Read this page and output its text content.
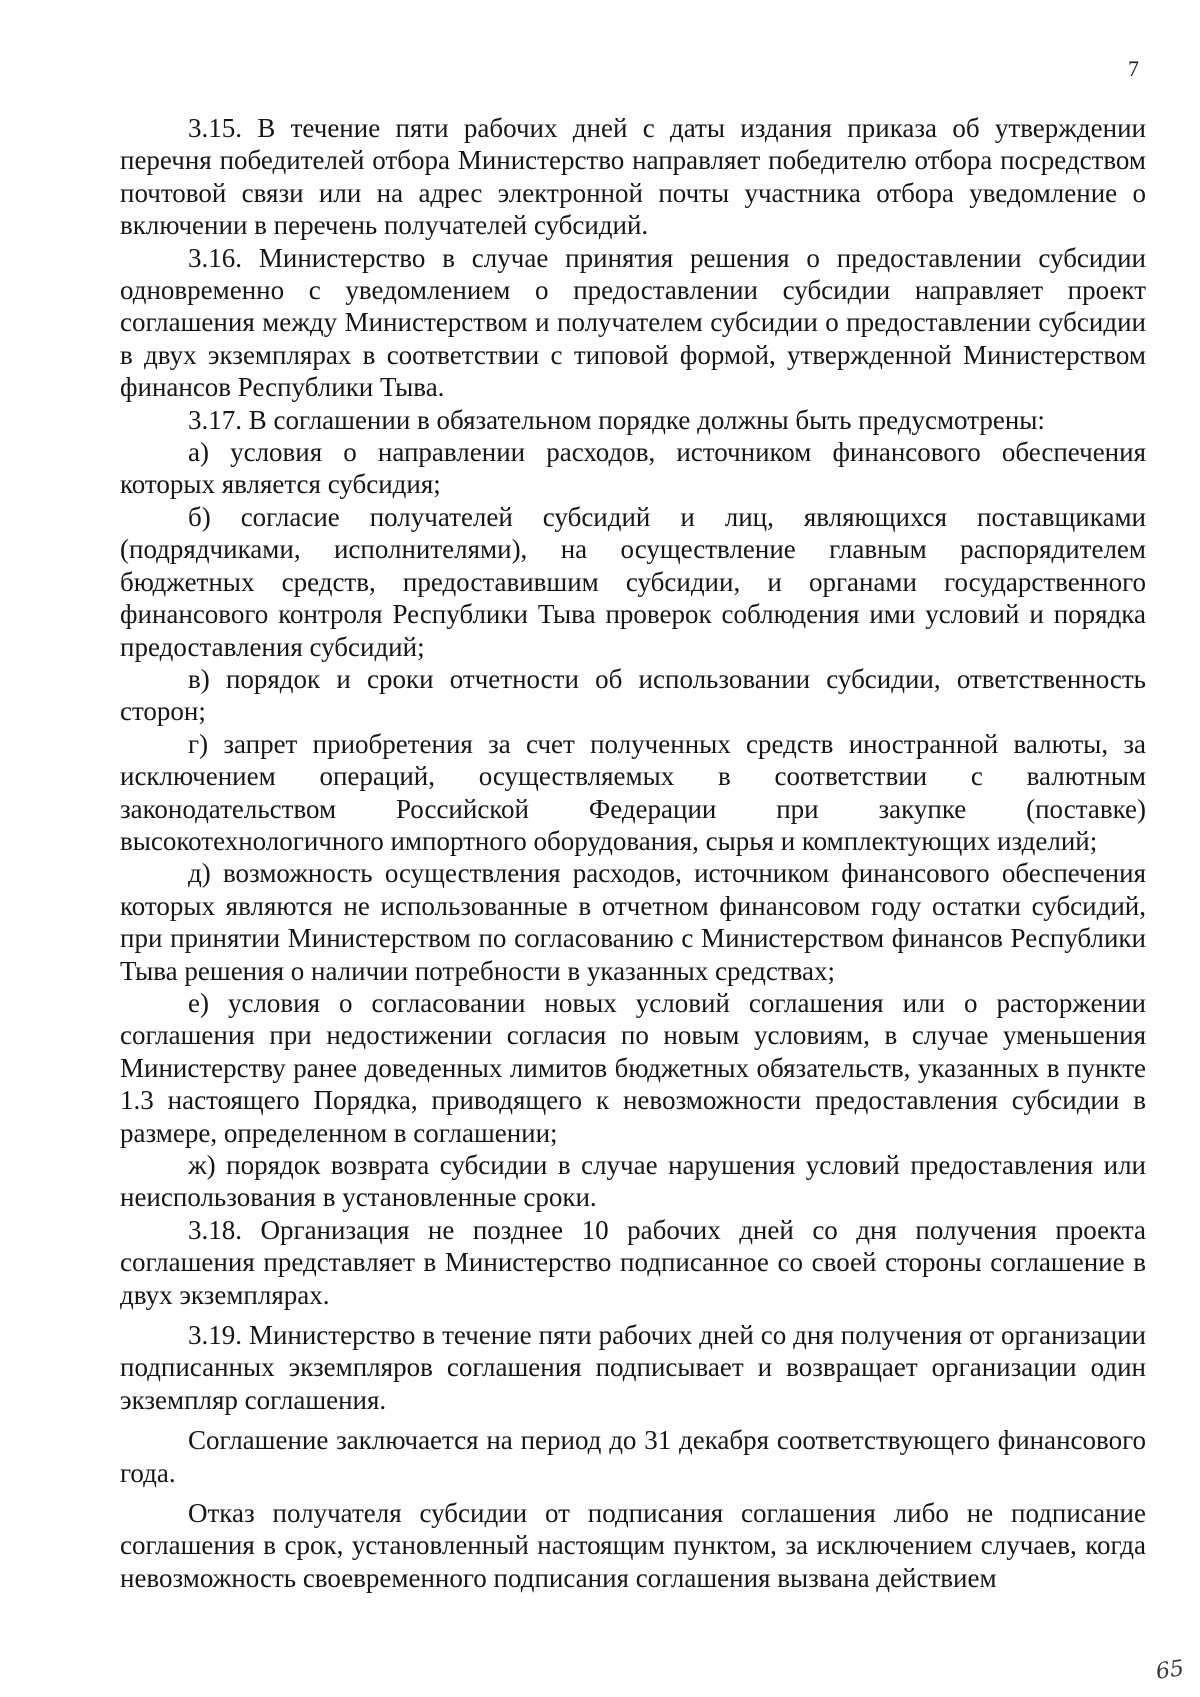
7

3.15. В течение пяти рабочих дней с даты издания приказа об утверждении перечня победителей отбора Министерство направляет победителю отбора посредством почтовой связи или на адрес электронной почты участника отбора уведомление о включении в перечень получателей субсидий.

3.16. Министерство в случае принятия решения о предоставлении субсидии одновременно с уведомлением о предоставлении субсидии направляет проект соглашения между Министерством и получателем субсидии о предоставлении субсидии в двух экземплярах в соответствии с типовой формой, утвержденной Министерством финансов Республики Тыва.

3.17. В соглашении в обязательном порядке должны быть предусмотрены:

а) условия о направлении расходов, источником финансового обеспечения которых является субсидия;

б) согласие получателей субсидий и лиц, являющихся поставщиками (подрядчиками, исполнителями), на осуществление главным распорядителем бюджетных средств, предоставившим субсидии, и органами государственного финансового контроля Республики Тыва проверок соблюдения ими условий и порядка предоставления субсидий;

в) порядок и сроки отчетности об использовании субсидии, ответственность сторон;

г) запрет приобретения за счет полученных средств иностранной валюты, за исключением операций, осуществляемых в соответствии с валютным законодательством Российской Федерации при закупке (поставке) высокотехнологичного импортного оборудования, сырья и комплектующих изделий;

д) возможность осуществления расходов, источником финансового обеспечения которых являются не использованные в отчетном финансовом году остатки субсидий, при принятии Министерством по согласованию с Министерством финансов Республики Тыва решения о наличии потребности в указанных средствах;

е) условия о согласовании новых условий соглашения или о расторжении соглашения при недостижении согласия по новым условиям, в случае уменьшения Министерству ранее доведенных лимитов бюджетных обязательств, указанных в пункте 1.3 настоящего Порядка, приводящего к невозможности предоставления субсидии в размере, определенном в соглашении;

ж) порядок возврата субсидии в случае нарушения условий предоставления или неиспользования в установленные сроки.

3.18. Организация не позднее 10 рабочих дней со дня получения проекта соглашения представляет в Министерство подписанное со своей стороны соглашение в двух экземплярах.

3.19. Министерство в течение пяти рабочих дней со дня получения от организации подписанных экземпляров соглашения подписывает и возвращает организации один экземпляр соглашения.

Соглашение заключается на период до 31 декабря соответствующего финансового года.

Отказ получателя субсидии от подписания соглашения либо не подписание соглашения в срок, установленный настоящим пунктом, за исключением случаев, когда невозможность своевременного подписания соглашения вызвана действием

65
